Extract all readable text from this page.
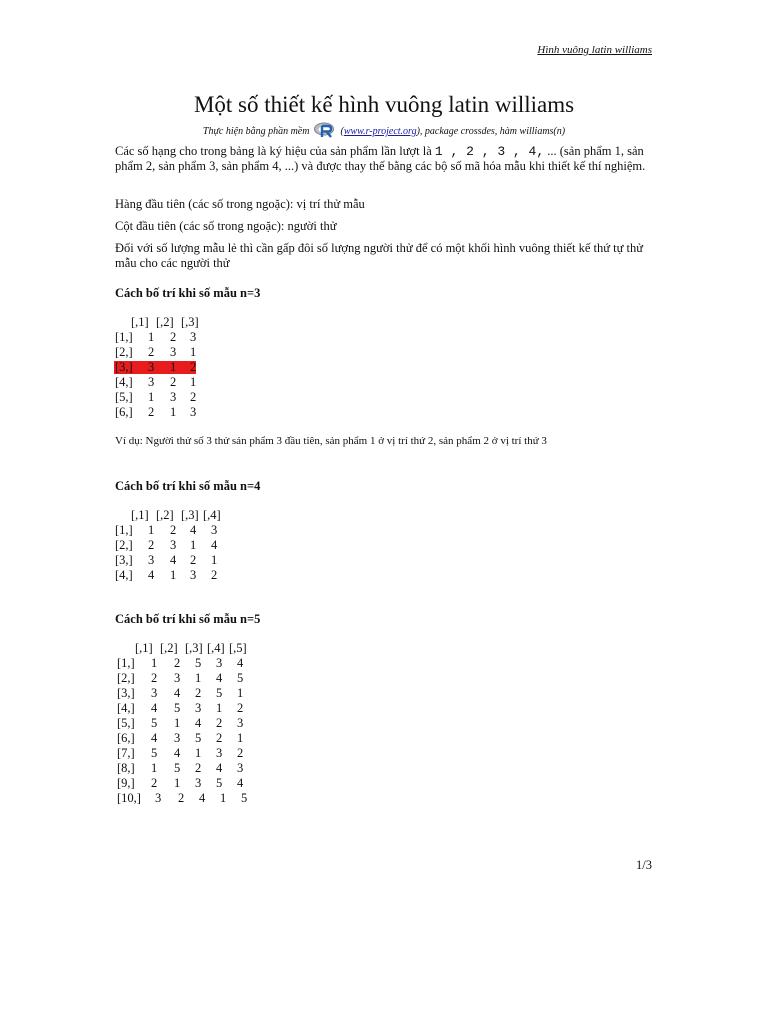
Hình vuông latin williams
Một số thiết kế hình vuông latin williams
Thực hiện bằng phần mềm	(www.r-project.org), package crossdes, hàm williams(n)

Các số hạng cho trong bảng là ký hiệu của sản phẩm lần lượt là 1 , 2 , 3 , 4, ... (sản phẩm 1, sản phẩm 2, sản phẩm 3, sản phẩm 4, ...) và được thay thế bằng các bộ số mã hóa mẫu khi thiết kế thí nghiệm.

Hàng đầu tiên (các số trong ngoặc): vị trí thử mẫu
Cột đầu tiên (các số trong ngoặc): người thử
Đối với số lượng mẫu lẻ thì cần gấp đôi số lượng người thử để có một khối hình vuông thiết kế thứ tự thử mẫu cho các người thử
Cách bố trí khi số mẫu n=3
[,1] [,2] [,3]
[1,] 1 2 3
[2,] 2 3 1
[3,] 3 1 2
[4,] 3 2 1
[5,] 1 3 2
[6,] 2 1 3
Ví dụ: Người thử số 3 thử sản phẩm 3 đầu tiên, sản phẩm 1 ở vị trí thứ 2, sản phẩm 2 ở vị trí thứ 3
Cách bố trí khi số mẫu n=4
[,1] [,2] [,3] [,4]
[1,] 1 2 4 3
[2,] 2 3 1 4
[3,] 3 4 2 1
[4,] 4 1 3 2
Cách bố trí khi số mẫu n=5
[,1] [,2] [,3] [,4] [,5]
[1,] 1 2 5 3 4
[2,] 2 3 1 4 5
[3,] 3 4 2 5 1
[4,] 4 5 3 1 2
[5,] 5 1 4 2 3
[6,] 4 3 5 2 1
[7,] 5 4 1 3 2
[8,] 1 5 2 4 3
[9,] 2 1 3 5 4
[10,] 3 2 4 1 5
1/3
